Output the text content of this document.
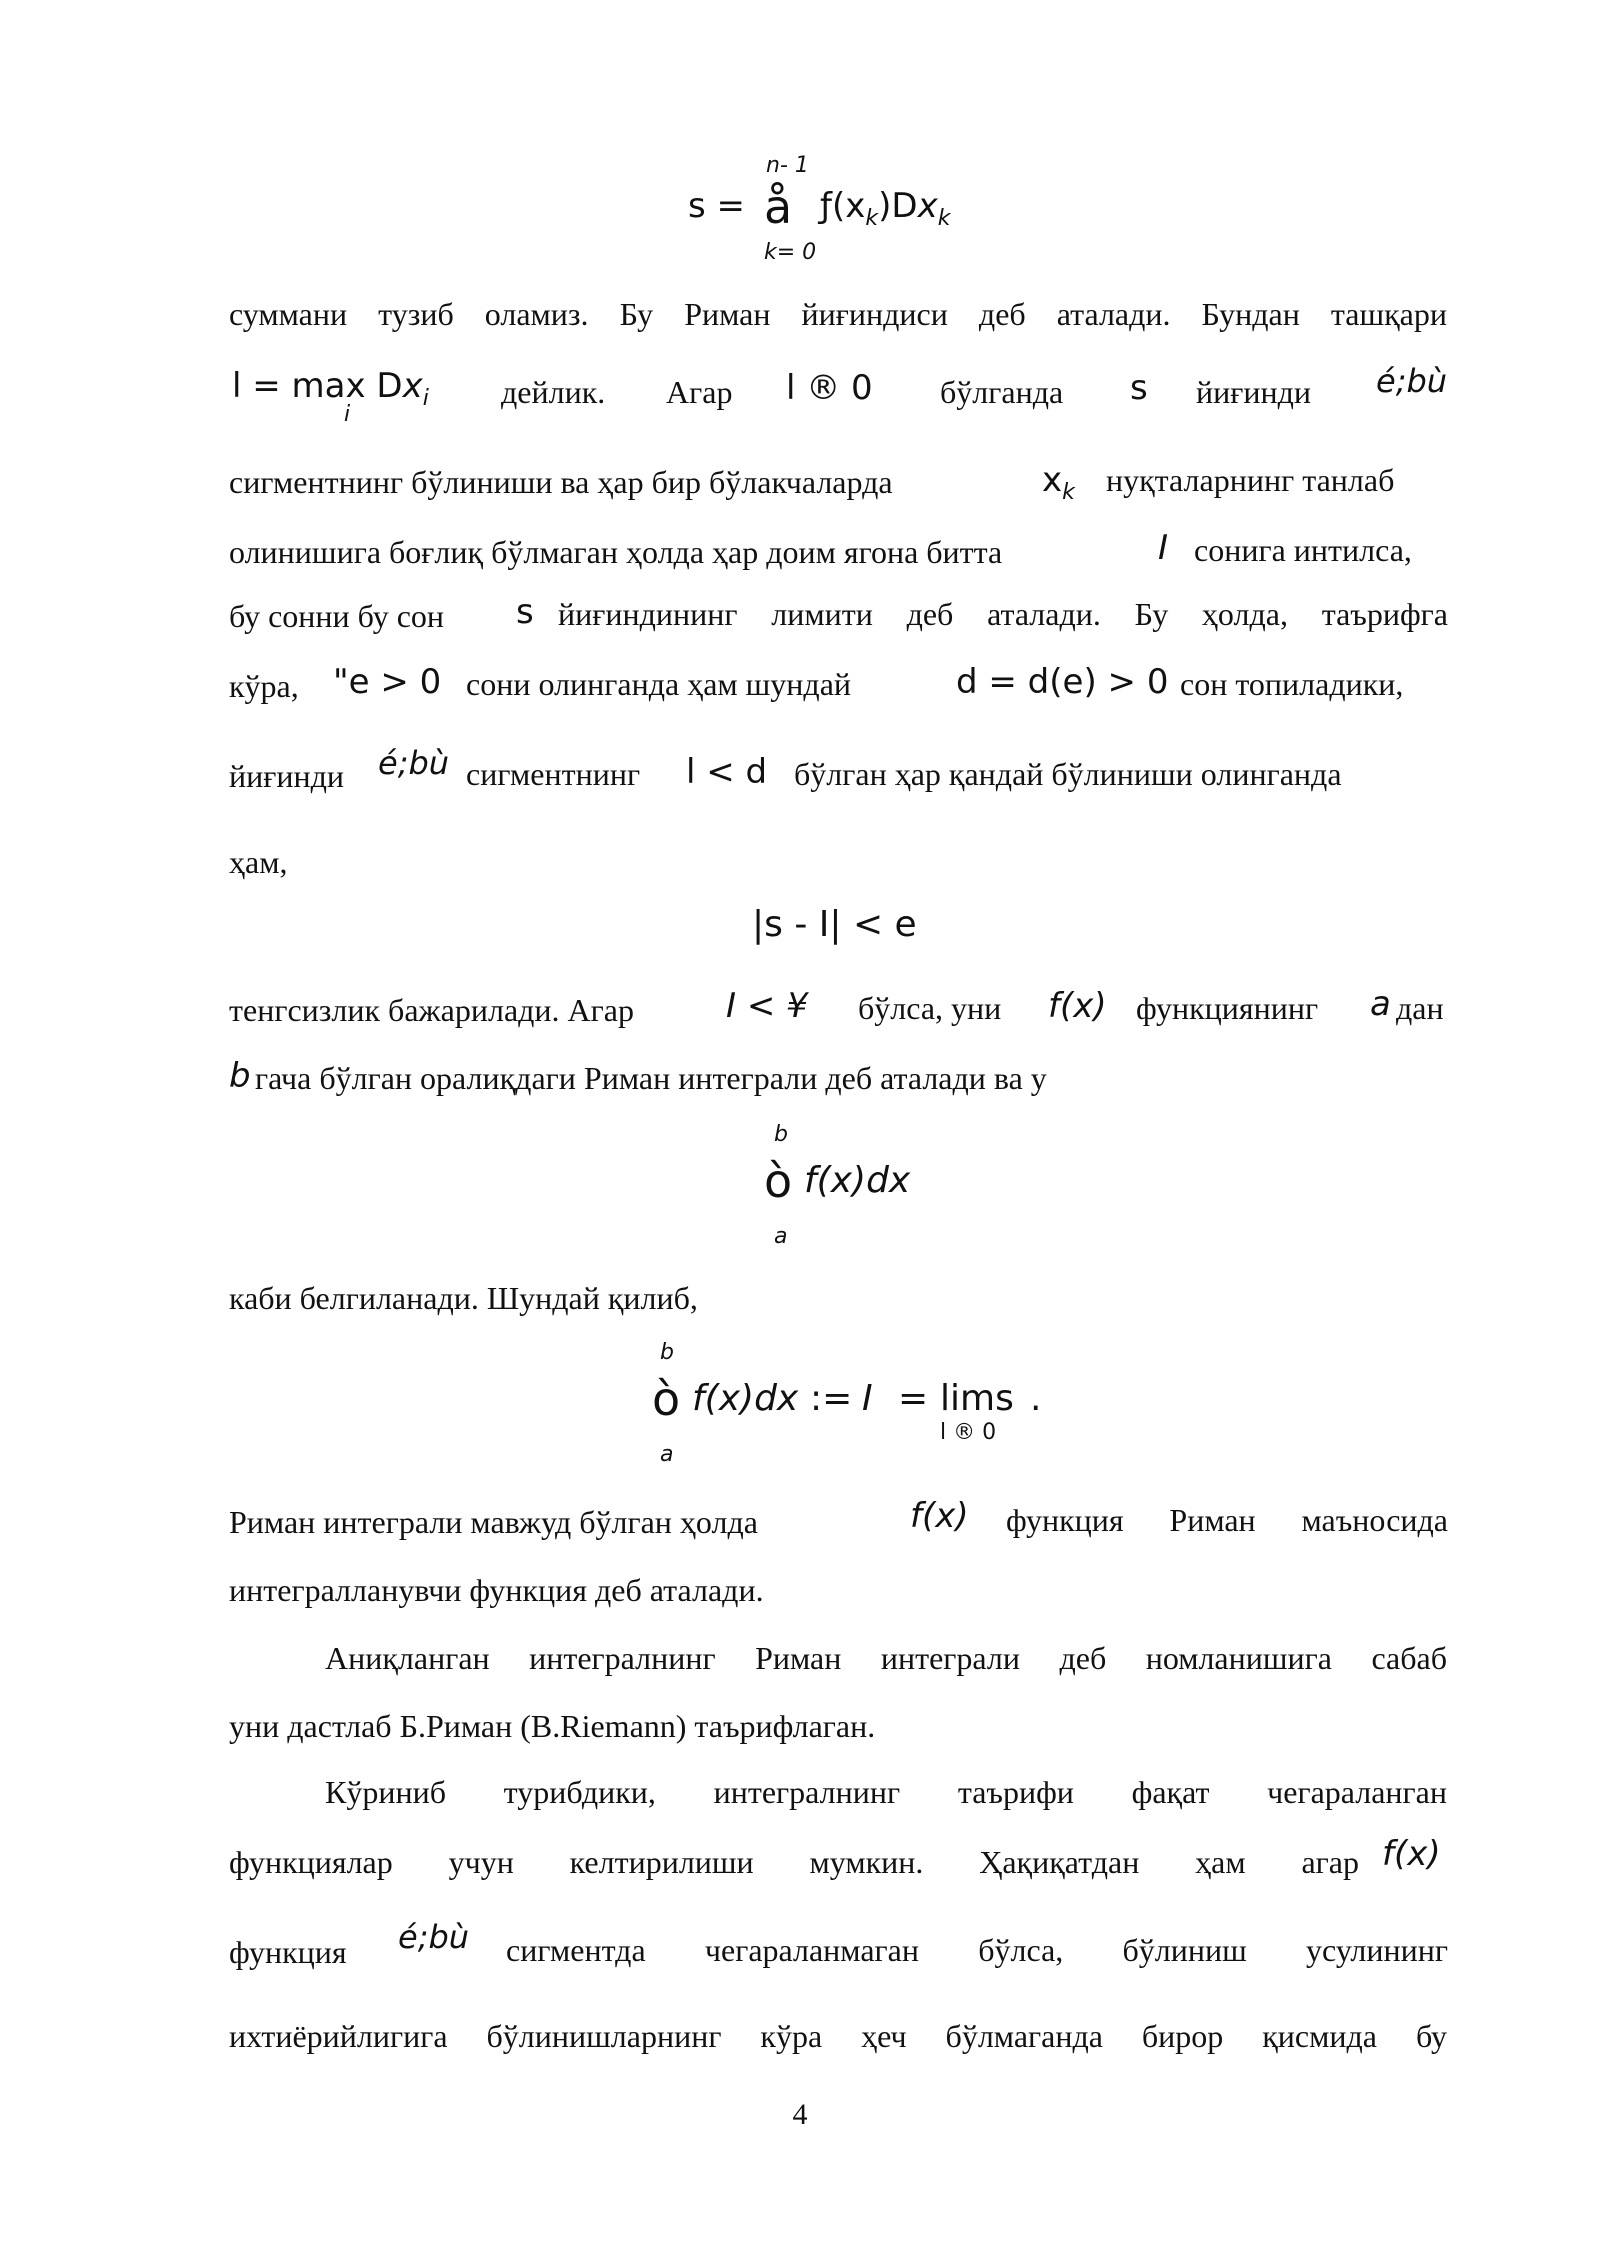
s =
n- 1
å
k= 0
$ƒ(x_k)Dx_k$
суммани тузиб оламиз. Бу Риман йиғиндиси деб аталади. Бундан ташқари
$l = \max Dx_i$
i
дейлик. Агар l ® 0 бўлганда s йиғинди é;bù
сигментнинг бўлиниши ва ҳар бир бўлакчаларда	$x_k$ нуқталарнинг танлаб
олинишига боғлиқ бўлмаган ҳолда ҳар доим ягона битта	I сонига интилса,
бу сонни бу сон	s йиғиндининг лимити деб аталади. Бу ҳолда, таърифга
кўра,	"e > 0 сони олинганда ҳам шундай	d = d(e) > 0 сон топиладики,
йиғинди	é;bù сигментнинг l < d бўлган ҳар қандай бўлиниши олинганда
ҳам,
|s - I| < e
тенгсизлик бажарилади. Агар	I < ¥ бўлса, уни f(x) функциянинг a дан
b гача бўлган оралиқдаги Риман интеграли деб аталади ва у
b
ò f(x)dx
a
каби белгиланади. Шундай қилиб,
b
ò f(x)dx := I = lims .
l ® 0
a
Риман интеграли мавжуд бўлган ҳолда	f(x) функция Риман маъносида
интегралланувчи функция деб аталади.
Аниқланган интегралнинг Риман интеграли деб номланишига сабаб
уни дастлаб Б.Риман (B.Riemann) таърифлаган.
Кўриниб турибдики, интегралнинг таърифи фақат чегараланган
функциялар учун келтирилиши мумкин. Ҳақиқатдан ҳам агар f(x)
функция	é;bù сигментда чегараланмаган бўлса, бўлиниш усулининг
ихтиёрийлигига бўлинишларнинг кўра ҳеч бўлмаганда бирор қисмида бу
4
